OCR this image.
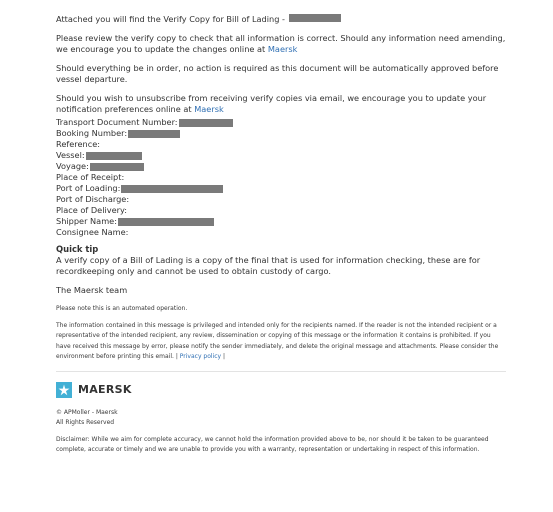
Attached you will find the Verify Copy for Bill of Lading -

Please review the verify copy to check that all information is correct. Should any information need amending, we encourage you to update the changes online at Maersk

Should everything be in order, no action is required as this document will be automatically approved before vessel departure.

Should you wish to unsubscribe from receiving verify copies via email, we encourage you to update your notification preferences online at Maersk

Transport Document Number:
Booking Number:
Reference:
Vessel:
Voyage:
Place of Receipt:
Port of Loading:
Port of Discharge:
Place of Delivery:
Shipper Name:
Consignee Name:
Quick tip
A verify copy of a Bill of Lading is a copy of the final that is used for information checking, these are for recordkeeping only and cannot be used to obtain custody of cargo.
The Maersk team

Please note this is an automated operation.

The information contained in this message is privileged and intended only for the recipients named. If the reader is not the intended recipient or a representative of the intended recipient, any review, dissemination or copying of this message or the information it contains is prohibited. If you have received this message by error, please notify the sender immediately, and delete the original message and attachments. Please consider the environment before printing this email. | Privacy policy |

MAERSK

© APMoller - Maersk

All Rights Reserved

Disclaimer: While we aim for complete accuracy, we cannot hold the information provided above to be, nor should it be taken to be guaranteed complete, accurate or timely and we are unable to provide you with a warranty, representation or undertaking in respect of this information.
